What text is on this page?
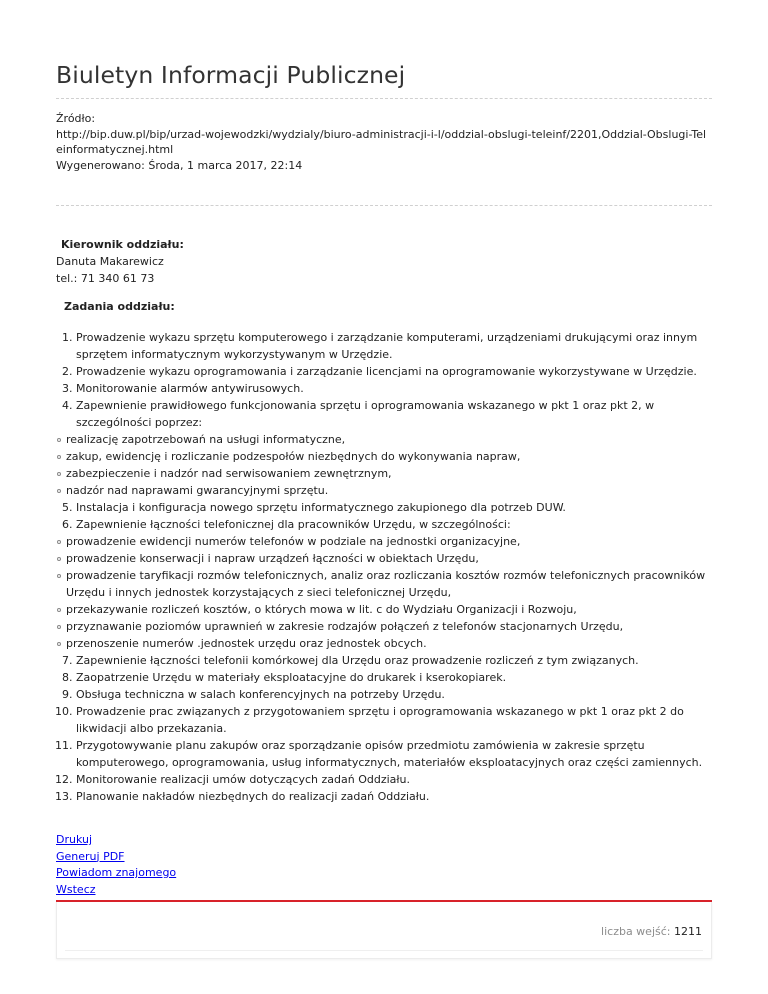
Biuletyn Informacji Publicznej
Źródło:
http://bip.duw.pl/bip/urzad-wojewodzki/wydzialy/biuro-administracji-i-l/oddzial-obslugi-teleinf/2201,Oddzial-Obslugi-Teleinformatycznej.html
Wygenerowano: Środa, 1 marca 2017, 22:14
Kierownik oddziału:
Danuta Makarewicz
tel.: 71 340 61 73
Zadania oddziału:
1. Prowadzenie wykazu sprzętu komputerowego i zarządzanie komputerami, urządzeniami drukującymi oraz innym sprzętem informatycznym wykorzystywanym w Urzędzie.
2. Prowadzenie wykazu oprogramowania i zarządzanie licencjami na oprogramowanie wykorzystywane w Urzędzie.
3. Monitorowanie alarmów antywirusowych.
4. Zapewnienie prawidłowego funkcjonowania sprzętu i oprogramowania wskazanego w pkt 1 oraz pkt 2, w szczególności poprzez:
realizację zapotrzebowań na usługi informatyczne,
zakup, ewidencję i rozliczanie podzespołów niezbędnych do wykonywania napraw,
zabezpieczenie i nadzór nad serwisowaniem zewnętrznym,
nadzór nad naprawami gwarancyjnymi sprzętu.
5. Instalacja i konfiguracja nowego sprzętu informatycznego zakupionego dla potrzeb DUW.
6. Zapewnienie łączności telefonicznej dla pracowników Urzędu, w szczególności:
prowadzenie ewidencji numerów telefonów w podziale na jednostki organizacyjne,
prowadzenie konserwacji i napraw urządzeń łączności w obiektach Urzędu,
prowadzenie taryfikacji rozmów telefonicznych, analiz oraz rozliczania kosztów rozmów telefonicznych pracowników Urzędu i innych jednostek korzystających z sieci telefonicznej Urzędu,
przekazywanie rozliczeń kosztów, o których mowa w lit. c do Wydziału Organizacji i Rozwoju,
przyznawanie poziomów uprawnień w zakresie rodzajów połączeń z telefonów stacjonarnych Urzędu,
przenoszenie numerów .jednostek urzędu oraz jednostek obcych.
7. Zapewnienie łączności telefonii komórkowej dla Urzędu oraz prowadzenie rozliczeń z tym związanych.
8. Zaopatrzenie Urzędu w materiały eksploatacyjne do drukarek i kserokopiarek.
9. Obsługa techniczna w salach konferencyjnych na potrzeby Urzędu.
10. Prowadzenie prac związanych z przygotowaniem sprzętu i oprogramowania wskazanego w pkt 1 oraz pkt 2 do likwidacji albo przekazania.
11. Przygotowywanie planu zakupów oraz sporządzanie opisów przedmiotu zamówienia w zakresie sprzętu komputerowego, oprogramowania, usług informatycznych, materiałów eksploatacyjnych oraz części zamiennych.
12. Monitorowanie realizacji umów dotyczących zadań Oddziału.
13. Planowanie nakładów niezbędnych do realizacji zadań Oddziału.
Drukuj
Generuj PDF
Powiadom znajomego
Wstecz
liczba wejść: 1211
